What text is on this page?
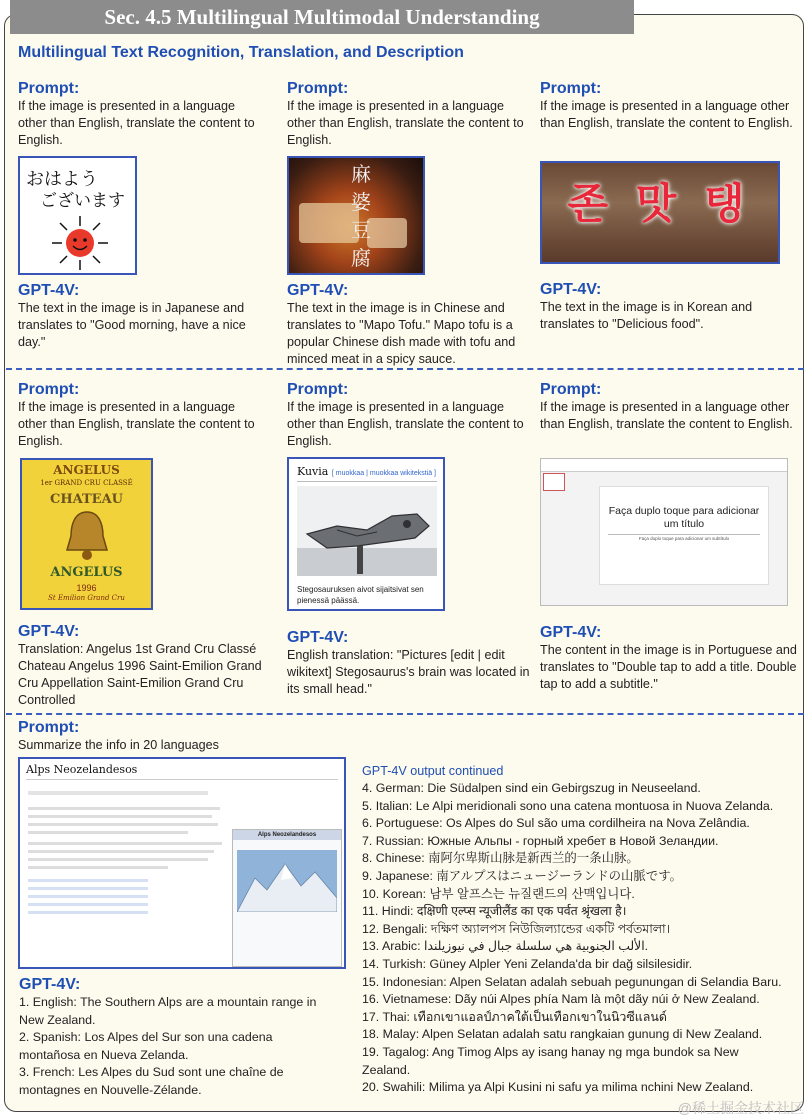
Sec. 4.5 Multilingual Multimodal Understanding
Multilingual Text Recognition, Translation, and Description
Prompt:
If the image is presented in a language other than English, translate the content to English.
おはよう
ございます
GPT-4V:
The text in the image is in Japanese and translates to "Good morning, have a nice day."
Prompt:
If the image is presented in a language other than English, translate the content to English.
麻
婆
豆
腐
GPT-4V:
The text in the image is in Chinese and translates to "Mapo Tofu." Mapo tofu is a popular Chinese dish made with tofu and minced meat in a spicy sauce.
Prompt:
If the image is presented in a language other than English, translate the content to English.
존 맛 탱
GPT-4V:
The text in the image is in Korean and translates to "Delicious food".
Prompt:
If the image is presented in a language other than English, translate the content to English.
ANGELUS
1er GRAND CRU CLASSÉ
CHATEAU
ANGELUS
1996
St Emilion Grand Cru
GPT-4V:
Translation: Angelus 1st Grand Cru Classé Chateau Angelus 1996 Saint-Emilion Grand Cru Appellation Saint-Emilion Grand Cru Controlled
Prompt:
If the image is presented in a language other than English, translate the content to English.
Kuvia [ muokkaa | muokkaa wikitekstiä ]
Stegosauruksen aivot sijaitsivat sen pienessä päässä.
GPT-4V:
English translation: "Pictures [edit | edit wikitext] Stegosaurus's brain was located in its small head."
Prompt:
If the image is presented in a language other than English, translate the content to English.
Faça duplo toque para adicionar um título
Faça duplo toque para adicionar um subtítulo
GPT-4V:
The content in the image is in Portuguese and translates to "Double tap to add a title. Double tap to add a subtitle."
Prompt:
Summarize the info in 20 languages
Alps Neozelandesos
Alps Neozelandesos
GPT-4V:
1. English: The Southern Alps are a mountain range in
New Zealand.
2. Spanish: Los Alpes del Sur son una cadena
montañosa en Nueva Zelanda.
3. French: Les Alpes du Sud sont une chaîne de
montagnes en Nouvelle-Zélande.
GPT-4V output continued
4. German: Die Südalpen sind ein Gebirgszug in Neuseeland.
5. Italian: Le Alpi meridionali sono una catena montuosa in Nuova Zelanda.
6. Portuguese: Os Alpes do Sul são uma cordilheira na Nova Zelândia.
7. Russian: Южные Альпы - горный хребет в Новой Зеландии.
8. Chinese: 南阿尔卑斯山脉是新西兰的一条山脉。
9. Japanese: 南アルプスはニュージーランドの山脈です。
10. Korean: 남부 알프스는 뉴질랜드의 산맥입니다.
11. Hindi: दक्षिणी एल्प्स न्यूजीलैंड का एक पर्वत श्रृंखला है।
12. Bengali: দক্ষিণ অ্যালপস নিউজিল্যান্ডের একটি পর্বতমালা।
13. Arabic: الألب الجنوبية هي سلسلة جبال في نيوزيلندا.
14. Turkish: Güney Alpler Yeni Zelanda'da bir dağ silsilesidir.
15. Indonesian: Alpen Selatan adalah sebuah pegunungan di Selandia Baru.
16. Vietnamese: Dãy núi Alpes phía Nam là một dãy núi ở New Zealand.
17. Thai: เทือกเขาแอลป์ภาคใต้เป็นเทือกเขาในนิวซีแลนด์
18. Malay: Alpen Selatan adalah satu rangkaian gunung di New Zealand.
19. Tagalog: Ang Timog Alps ay isang hanay ng mga bundok sa New
Zealand.
20. Swahili: Milima ya Alpi Kusini ni safu ya milima nchini New Zealand.
@稀土掘金技术社区
